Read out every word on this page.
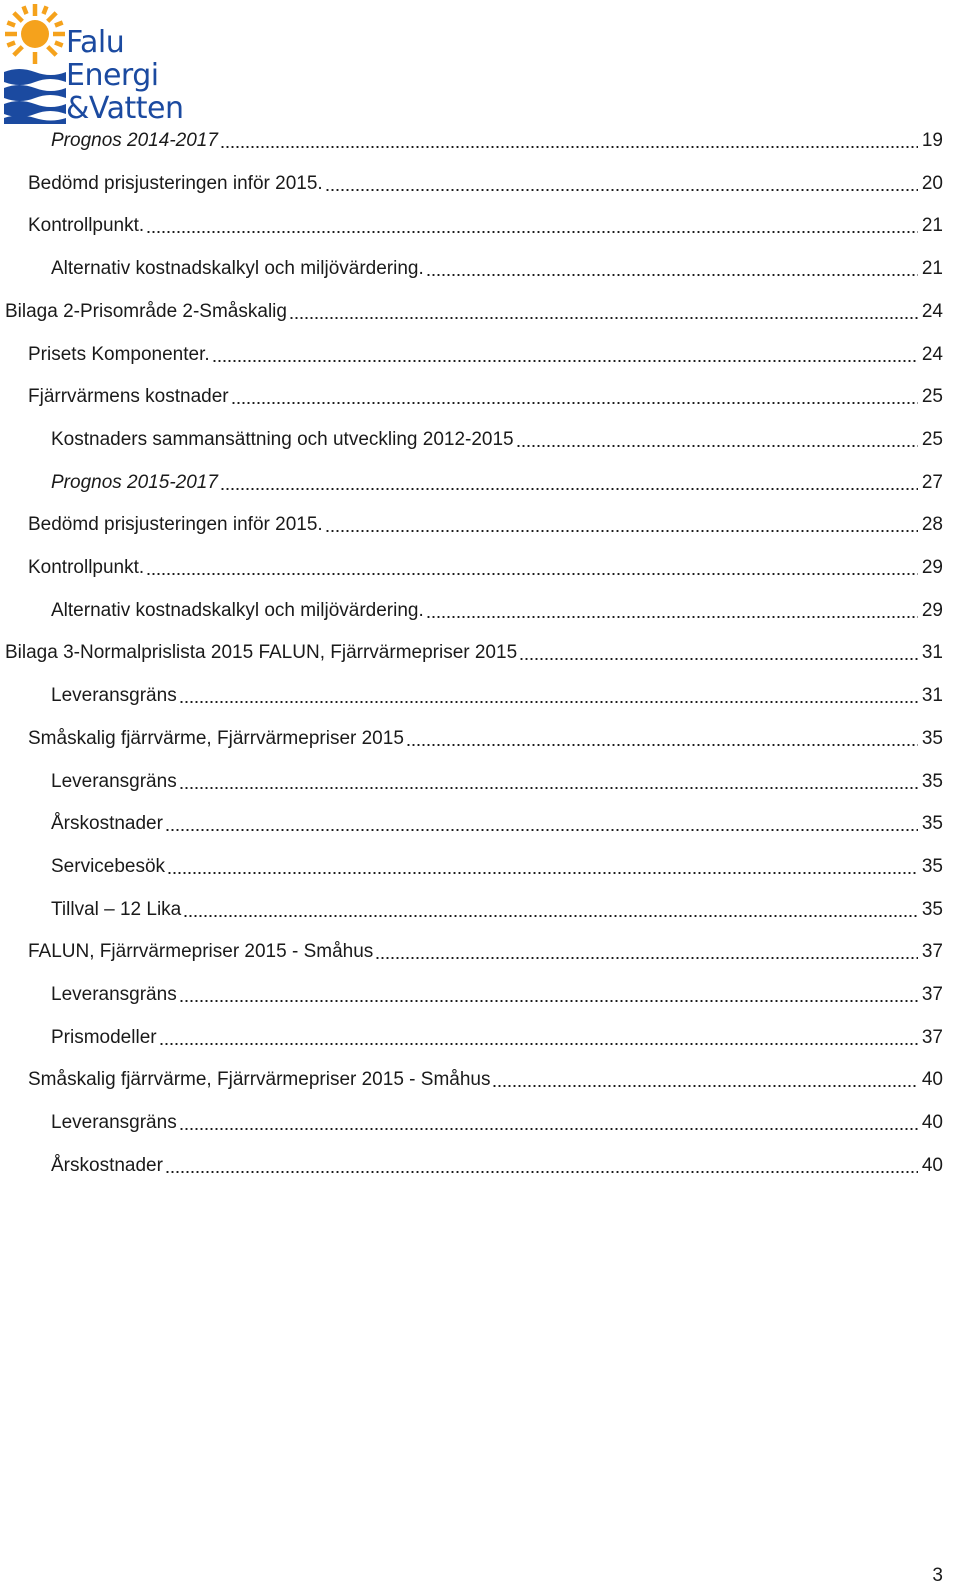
Falu
Energi
&Vatten
Prognos 2014-2017	19
Bedömd prisjusteringen inför 2015.	20
Kontrollpunkt.	21
Alternativ kostnadskalkyl och miljövärdering.	21
Bilaga 2-Prisområde 2-Småskalig	24
Prisets Komponenter.	24
Fjärrvärmens kostnader	25
Kostnaders sammansättning och utveckling 2012-2015	25
Prognos 2015-2017	27
Bedömd prisjusteringen inför 2015.	28
Kontrollpunkt.	29
Alternativ kostnadskalkyl och miljövärdering.	29
Bilaga 3-Normalprislista 2015 FALUN, Fjärrvärmepriser 2015	31
Leveransgräns	31
Småskalig fjärrvärme, Fjärrvärmepriser 2015	35
Leveransgräns	35
Årskostnader	35
Servicebesök	35
Tillval – 12 Lika	35
FALUN, Fjärrvärmepriser 2015 - Småhus	37
Leveransgräns	37
Prismodeller	37
Småskalig fjärrvärme, Fjärrvärmepriser 2015 - Småhus	40
Leveransgräns	40
Årskostnader	40
3
